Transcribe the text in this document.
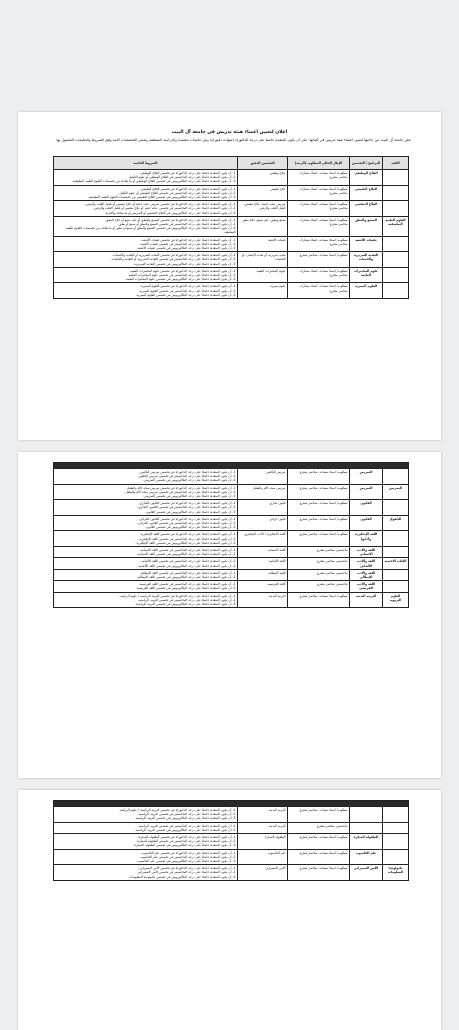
اعلان لتعيين اعضاء هيئة تدريس في جامعة آل البيت
تعلن جامعة آل البيت عن حاجتها لتعيين اعضاء هيئة تدريس في كلياتها: على ان يكون المتقدم حاصلا على درجة الدكتوراه (شهادة دكتوراه) ومن جامعات معتمدة والدراسة المنتظمة وضمن التخصصات الاتية وفق الشروط والتعليمات المعمول بها
الكلية	البرنامج / التخصص	الإطار الحالي المطلوب (الرتبة)	التخصص الدقيق	الشروط الخاصة
	العلاج الوظيفي	مطلوب/ استاذ مساعد، استاذ مشارك، محاضر متفرغ	علاج وظيفي	1- أن يكون المتقدم حاصلا على درجة الدكتوراه في تخصص العلاج الوظيفي.
2- أن يكون المتقدم حاصلا على درجة الماجستير في العلاج الوظيفي أو علوم التأهيل.
3- أن يكون المتقدم حاصلا على درجة البكالوريوس في تخصص العلاج الوظيفي أو ما يعادله من تخصصات العلوم الطبية التطبيقية.

	العلاج الطبيعي	مطلوب/ استاذ مساعد، استاذ مشارك، محاضر متفرغ	علاج طبيعي	1- أن يكون المتقدم حاصلا على درجة الدكتوراه في تخصص العلاج الطبيعي.
2- أن يكون المتقدم حاصلا على درجة الماجستير في تخصص العلاج الطبيعي أو علوم التأهيل.
3- أن يكون المتقدم حاصلا على درجة البكالوريوس في تخصص العلاج الطبيعي من تخصصات العلوم الطبية التطبيقية.

	العلاج التنفسي	مطلوب/ استاذ مساعد، استاذ مشارك، محاضر متفرغ	تمريض عناية حثيثة، علاج تنفسي، تأهيل القلب والرئتين	1- أن يكون المتقدم حاصلا على درجة الدكتوراه في تخصص تمريض عناية حثيثة أو علاج تنفسي أو تأهيل القلب والرئتين.
2- أن يكون المتقدم حاصلا على درجة الماجستير في تخصص عناية حثيثة أو علاج تنفسي أو تأهيل القلب والرئتين.
3- أن يكون المتقدم حاصلا على درجة البكالوريوس في العلاج التنفسي أو التمريض أو ما يعادله والخبرة.

العلوم الطبية التطبيقية	السمع والنطق	مطلوب/ استاذ مساعد، استاذ مشارك، محاضر متفرغ	سمع ونطق، علم سمع، علاج نطق	1- أن يكون المتقدم حاصلا على درجة الدكتوراه في تخصص السمع والنطق أو علم سمع أو علاج النطق.
2- أن يكون المتقدم حاصلا على درجة الماجستير في تخصص السمع والنطق أو سمع أو نطق.
3- أن يكون المتقدم حاصلا على درجة البكالوريوس في تخصص السمع والنطق أو سمع أو نطق أو ما يعادله من تخصصات العلوم الطبية التطبيقية.

	تقنيات الأشعة	مطلوب/ استاذ مساعد، استاذ مشارك، محاضر متفرغ	تقنيات الأشعة	1- أن يكون المتقدم حاصلا على درجة الدكتوراه في تخصص تقنيات الأشعة.
2- أن يكون المتقدم حاصلا على درجة الماجستير في تخصص تقنيات الأشعة.
3- أن يكون المتقدم حاصلا على درجة البكالوريوس في تخصص تقنيات الأشعة.

	التغذية السريرية والحميات	مطلوب/ استاذ مساعد، محاضر متفرغ	تغذية سريرية، أو تغذية الإنسان، أو الحميات	1- أن يكون المتقدم حاصلا على درجة الدكتوراه في تخصص التغذية السريرية أو التغذية والحميات.
2- أن يكون المتقدم حاصلا على درجة الماجستير في تخصص التغذية السريرية أو التغذية والحميات.
3- أن يكون المتقدم حاصلا على درجة البكالوريوس في تخصص التغذية السريرية.

	علوم المختبرات الطبية	مطلوب/ استاذ مساعد، استاذ مشارك، محاضر متفرغ	علوم المختبرات الطبية	1- أن يكون المتقدم حاصلا على درجة الدكتوراه في تخصص علوم المختبرات الطبية.
2- أن يكون المتقدم حاصلا على درجة الماجستير في تخصص علوم المختبرات الطبية.
3- أن يكون المتقدم حاصلا على درجة البكالوريوس في تخصص علوم المختبرات الطبية.

	العلوم البصرية	مطلوب/ استاذ مساعد، استاذ مشارك، محاضر متفرغ	علوم بصرية	1- أن يكون المتقدم حاصلا على درجة الدكتوراه في تخصص العلوم البصرية.
2- أن يكون المتقدم حاصلا على درجة الماجستير في تخصص العلوم البصرية.
3- أن يكون المتقدم حاصلا على درجة البكالوريوس في تخصص العلوم البصرية.

	التمريض	مطلوب/ استاذ مساعد، محاضر متفرغ	تمريض البالغين	1- أن يكون المتقدم حاصلا على درجة الدكتوراه في تخصص تمريض البالغين.
2- أن يكون المتقدم حاصلا على درجة الماجستير في تخصص تمريض البالغين.
3- أن يكون المتقدم حاصلا على درجة البكالوريوس في تخصص التمريض.

التمريض	التمريض	مطلوب/ استاذ مساعد، محاضر متفرغ	تمريض صحة الأم والطفل	1- أن يكون المتقدم حاصلا على درجة الدكتوراه في تخصص تمريض صحة الأم والطفل.
2- أن يكون المتقدم حاصلا على درجة الماجستير في تخصص تمريض صحة الأم والطفل.
3- أن يكون المتقدم حاصلا على درجة البكالوريوس في تخصص التمريض.

	القانون	مطلوب/ استاذ مساعد، محاضر متفرغ	قانون تجاري	1- أن يكون المتقدم حاصلا على درجة الدكتوراه في تخصص القانون التجاري.
2- أن يكون المتقدم حاصلا على درجة الماجستير في تخصص القانون التجاري.
3- أن يكون المتقدم حاصلا على درجة البكالوريوس في تخصص القانون.

الحقوق	القانون	مطلوب/ استاذ مساعد، محاضر متفرغ	قانون جزائي	1- أن يكون المتقدم حاصلا على درجة الدكتوراه في تخصص القانون الجزائي.
2- أن يكون المتقدم حاصلا على درجة الماجستير في تخصص القانون الجزائي.
3- أن يكون المتقدم حاصلا على درجة البكالوريوس في تخصص القانون.

	اللغة الإنجليزية وآدابها	مطلوب/ استاذ مساعد، محاضر متفرغ	اللغة الانجليزية / الأدب الإنجليزي	1- أن يكون المتقدم حاصلا على درجة الدكتوراه في تخصص اللغة الإنجليزية.
2- أن يكون المتقدم حاصلا على درجة الماجستير في تخصص اللغة الإنجليزية.
3- أن يكون المتقدم حاصلا على درجة البكالوريوس في تخصص اللغة الإنجليزية.

	اللغة والأدب الاسباني	ماجستير، محاضر متفرغ	اللغة الاسبانية	1- أن يكون المتقدم حاصلا على درجة الماجستير في تخصص اللغة الاسبانية.
2- أن يكون المتقدم حاصلا على درجة البكالوريوس في تخصص اللغة الاسبانية.

اللغات الاجنبية	اللغة والأدب الألماني	ماجستير، محاضر متفرغ	اللغة الألمانية	1- أن يكون المتقدم حاصلا على درجة الماجستير في تخصص اللغة الألمانية.
2- أن يكون المتقدم حاصلا على درجة البكالوريوس في تخصص اللغة الألمانية.

	اللغة والأدب الإيطالي	ماجستير، محاضر متفرغ	اللغة الإيطالية	1- أن يكون المتقدم حاصلا على درجة الماجستير في تخصص اللغة الإيطالية.
2- أن يكون المتقدم حاصلا على درجة البكالوريوس في تخصص اللغة الإيطالية.

	اللغة والأدب الفرنسي	ماجستير، محاضر متفرغ	اللغة الفرنسية	1- أن يكون المتقدم حاصلا على درجة الماجستير في تخصص اللغة الفرنسية.
2- أن يكون المتقدم حاصلا على درجة البكالوريوس في تخصص اللغة الفرنسية.

العلوم التربوية	التربية البدنية	مطلوب/ استاذ مساعد، محاضر متفرغ	التربية البدنية	1- أن يكون المتقدم حاصلا على درجة الدكتوراه في تخصص التربية الرياضية / علوم الرياضة.
2- أن يكون المتقدم حاصلا على درجة الماجستير في تخصص التربية الرياضية.
3- أن يكون المتقدم حاصلا على درجة البكالوريوس في تخصص التربية الرياضية.

		مطلوب/ استاذ مساعد، محاضر متفرغ	التربية البدنية	1- أن يكون المتقدم حاصلا على درجة الدكتوراه في تخصص التربية الرياضية / علوم الرياضة.
2- أن يكون المتقدم حاصلا على درجة الماجستير في تخصص التربية الرياضية.
3- أن يكون المتقدم حاصلا على درجة البكالوريوس في تخصص التربية الرياضية.

		ماجستير، محاضر متفرغ	التربية البدنية	1- أن يكون المتقدم حاصلا على درجة الماجستير في تخصص التربية الرياضية.
2- أن يكون المتقدم حاصلا على درجة البكالوريوس في تخصص التربية الرياضية.

	الطفولة المبكرة	مطلوب/ استاذ مساعد، محاضر متفرغ	الطفولة المبكرة	1- أن يكون المتقدم حاصلا على درجة الدكتوراه في تخصص الطفولة المبكرة.
2- أن يكون المتقدم حاصلا على درجة الماجستير في تخصص الطفولة المبكرة.
3- أن يكون المتقدم حاصلا على درجة البكالوريوس في تخصص الطفولة المبكرة.

	علم الحاسوب	مطلوب/ استاذ مساعد، محاضر متفرغ	علم الحاسوب	1- أن يكون المتقدم حاصلا على درجة الدكتوراه في تخصص علم الحاسوب.
2- أن يكون المتقدم حاصلا على درجة الماجستير في تخصص علم الحاسوب.
3- أن يكون المتقدم حاصلا على درجة البكالوريوس في تخصص علم الحاسوب.

تكنولوجيا المعلومات	الأمن السيبراني	مطلوب/ استاذ مساعد، محاضر متفرغ	الأمن السيبراني	1- أن يكون المتقدم حاصلا على درجة الدكتوراه في تخصص الأمن السيبراني.
2- أن يكون المتقدم حاصلا على درجة الماجستير في تخصص الأمن السيبراني.
3- أن يكون المتقدم حاصلا على درجة البكالوريوس في تخصص تكنولوجيا المعلومات.
